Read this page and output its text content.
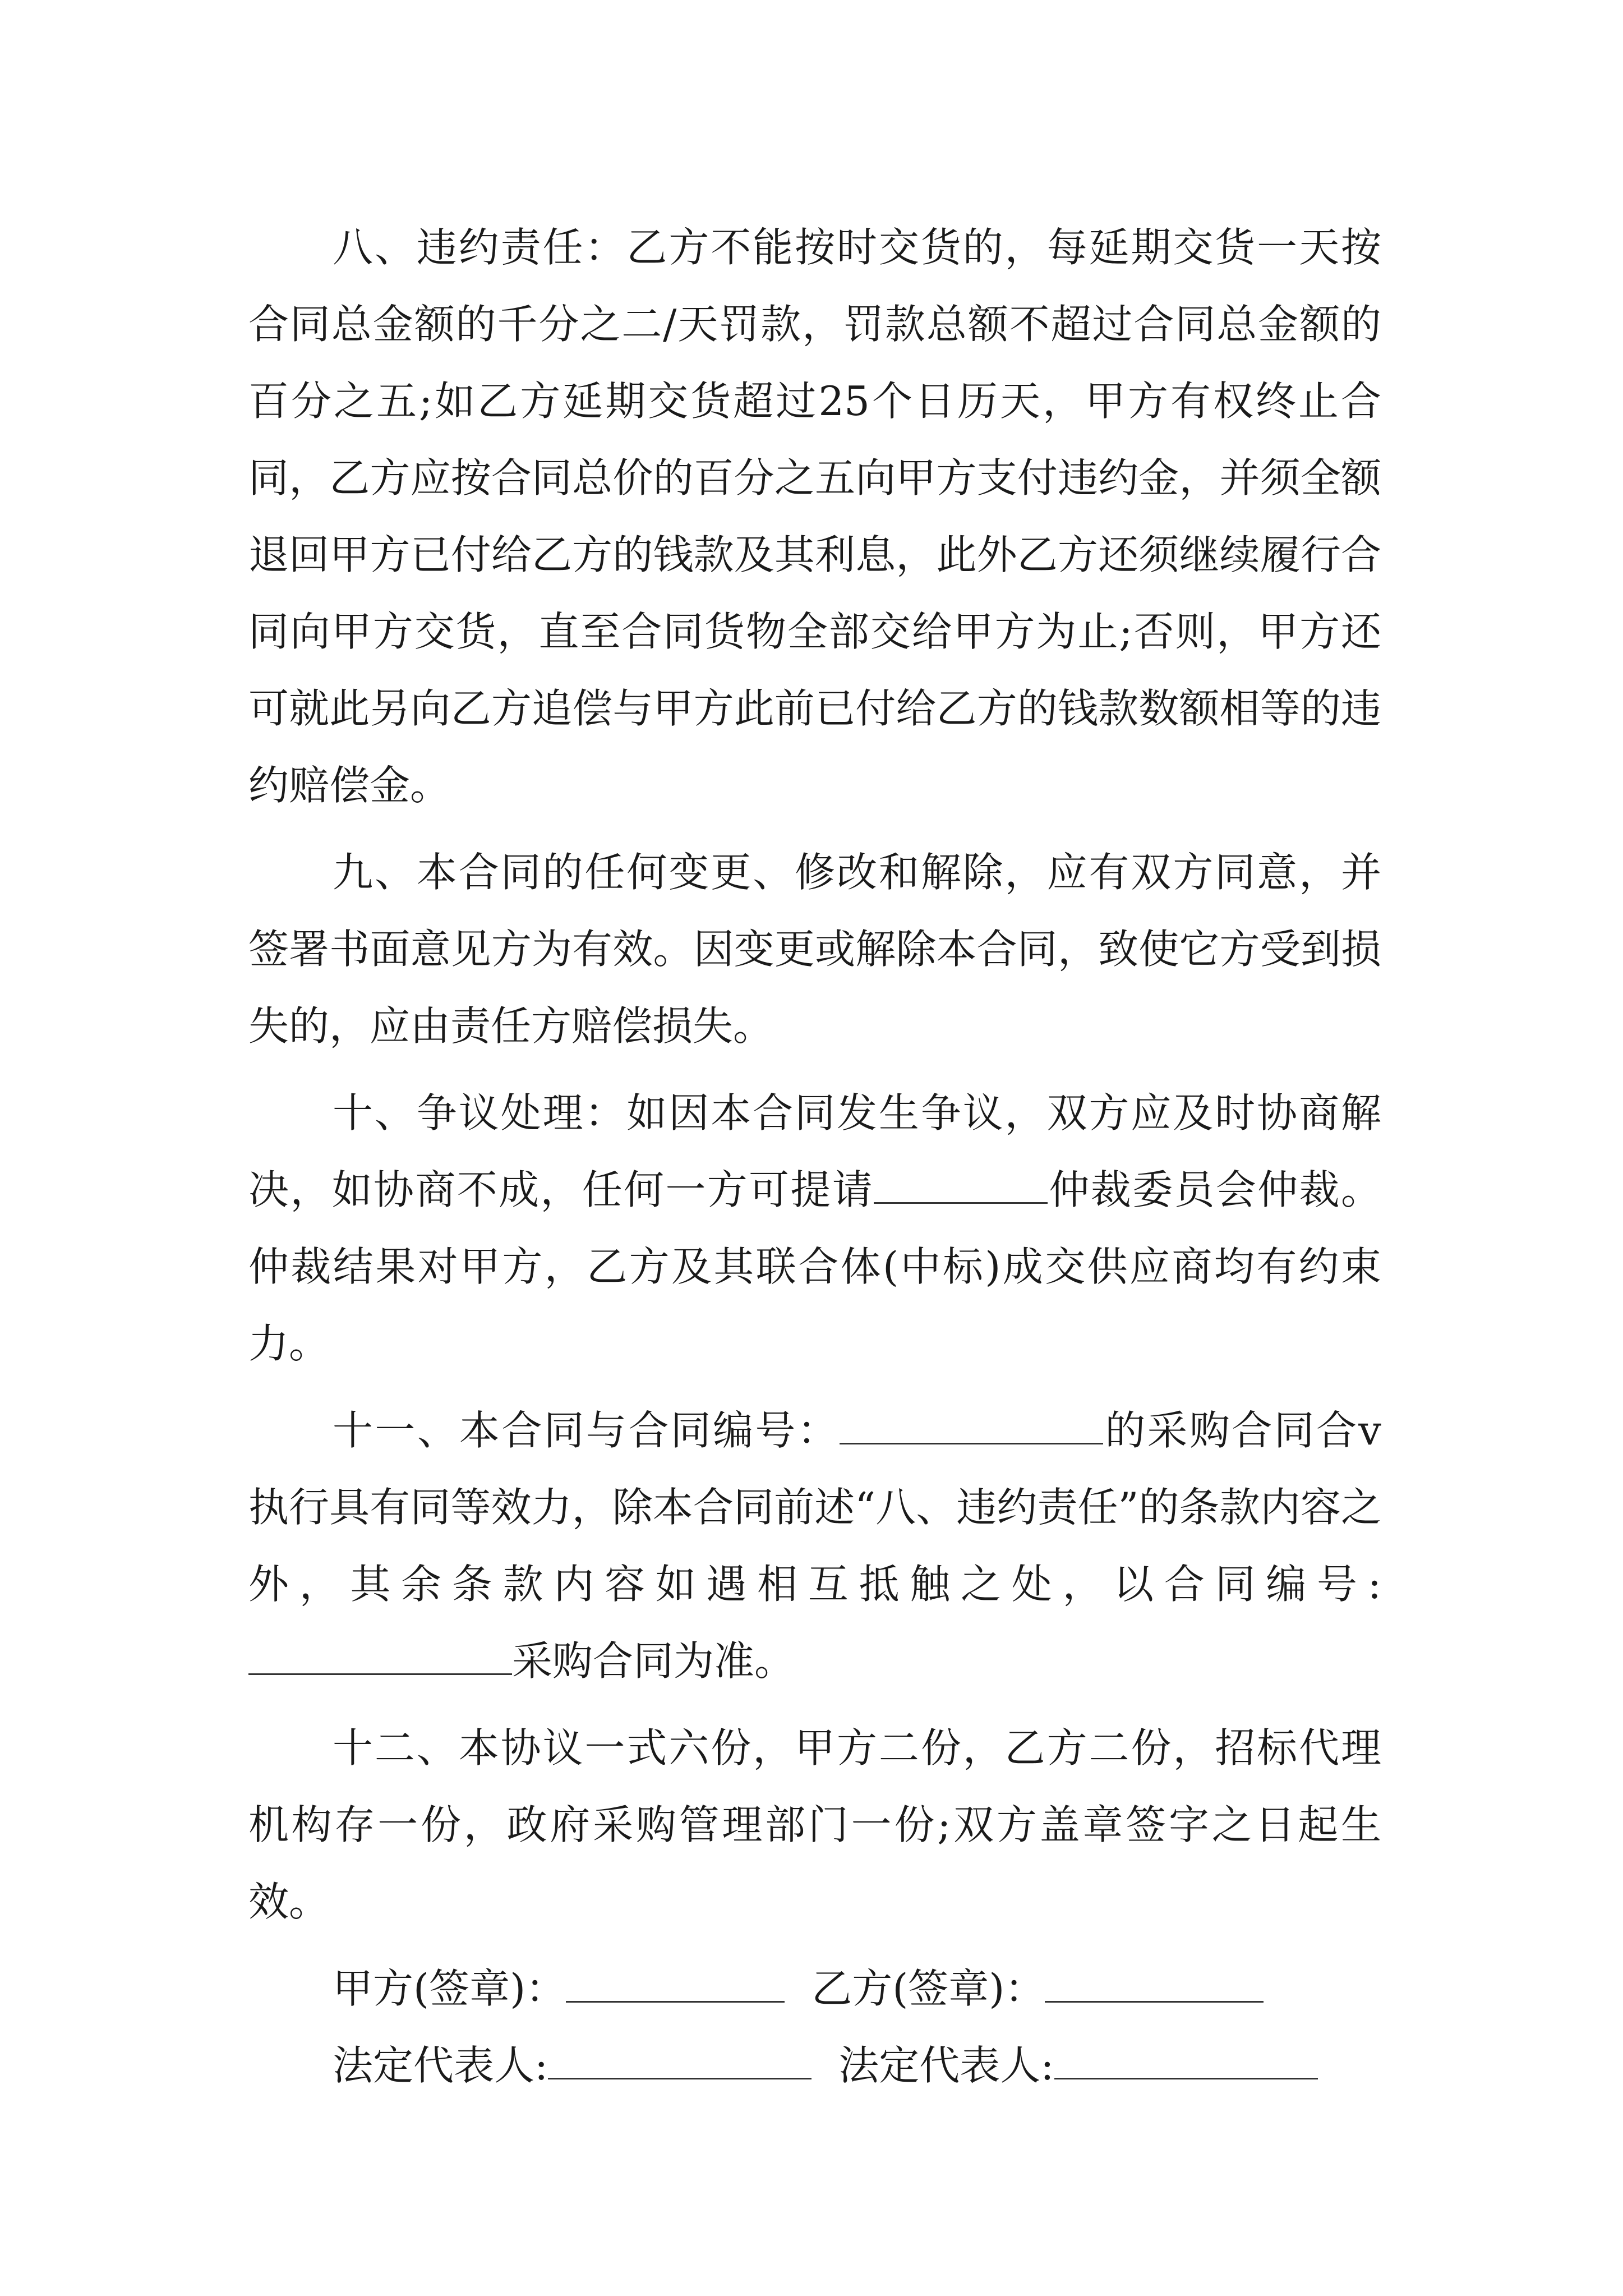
八、违约责任：乙方不能按时交货的，每延期交货一天按合同总金额的千分之二/天罚款，罚款总额不超过合同总金额的百分之五;如乙方延期交货超过25个日历天，甲方有权终止合同，乙方应按合同总价的百分之五向甲方支付违约金，并须全额退回甲方已付给乙方的钱款及其利息，此外乙方还须继续履行合同向甲方交货，直至合同货物全部交给甲方为止;否则，甲方还可就此另向乙方追偿与甲方此前已付给乙方的钱款数额相等的违约赔偿金。

九、本合同的任何变更、修改和解除，应有双方同意，并签署书面意见方为有效。因变更或解除本合同，致使它方受到损失的，应由责任方赔偿损失。

十、争议处理：如因本合同发生争议，双方应及时协商解决，如协商不成，任何一方可提请	仲裁委员会仲裁。仲裁结果对甲方，乙方及其联合体(中标)成交供应商均有约束力。

十一、本合同与合同编号：	的采购合同合v执行具有同等效力，除本合同前述“八、违约责任”的条款内容之外，其余条款内容如遇相互抵触之处，以合同编号:采购合同为准。

十二、本协议一式六份，甲方二份，乙方二份，招标代理机构存一份，政府采购管理部门一份;双方盖章签字之日起生效。

甲方(签章)：	乙方(签章)：
法定代表人:	法定代表人:
